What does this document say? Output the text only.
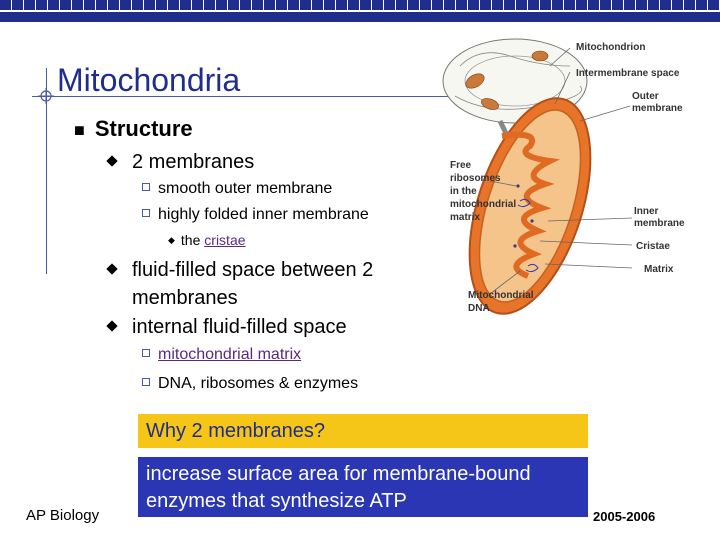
Mitochondria
■ Structure
2 membranes
smooth outer membrane
highly folded inner membrane
◆ the cristae
fluid-filled space between 2 membranes
internal fluid-filled space
mitochondrial matrix
DNA, ribosomes & enzymes
Why 2 membranes?
increase surface area for membrane-bound enzymes that synthesize ATP
AP Biology	2005-2006
Mitochondrion
Intermembrane space
Outer
membrane
Free
ribosomes
in the
mitochondrial
matrix
Inner
membrane
Cristae
Matrix
Mitochondrial
DNA
